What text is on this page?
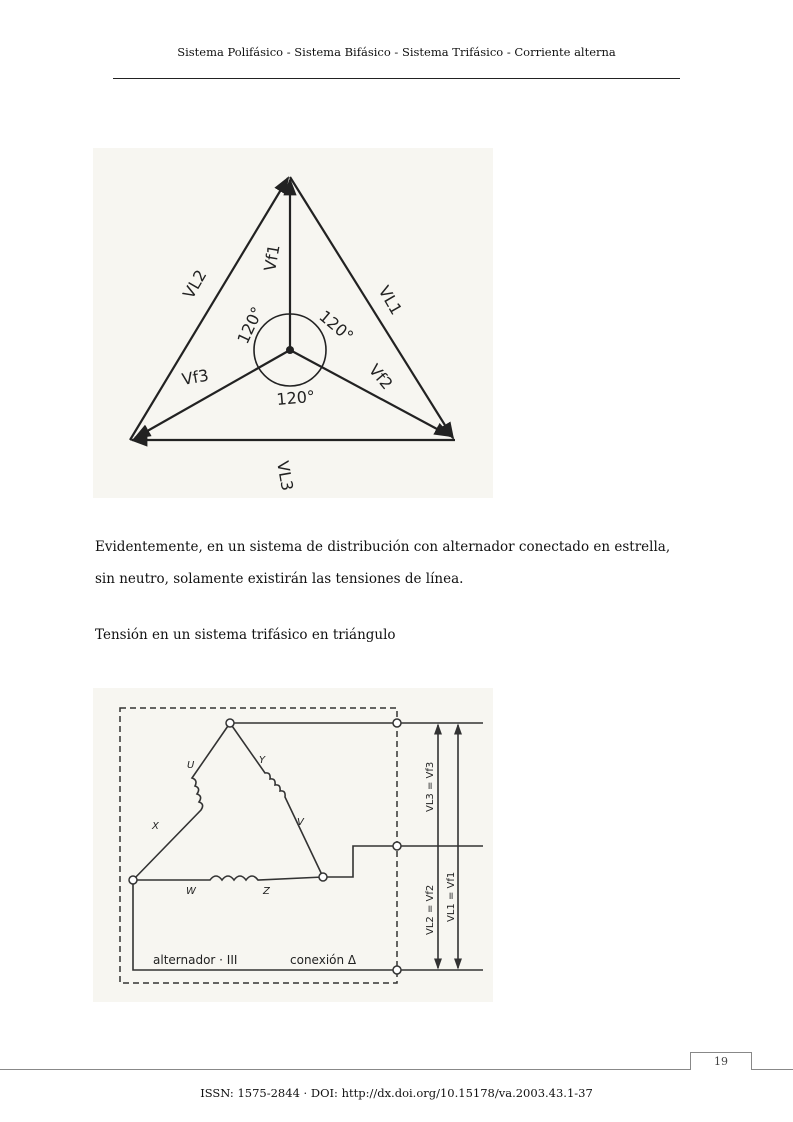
Sistema Polifásico - Sistema Bifásico - Sistema Trifásico - Corriente alterna
Vf1
VL2	VL1
Vf3	Vf2
VL3
120°	120°
120°
Evidentemente, en un sistema de distribución con alternador conectado en estrella,
sin neutro, solamente existirán las tensiones de línea.
Tensión en un sistema trifásico en triángulo
U
X
Y
V
W	Z
alternador · III	conexión Δ
VL3 = Vf3
VL2 = Vf2 VL1 = Vf1
19
ISSN: 1575-2844 · DOI: http://dx.doi.org/10.15178/va.2003.43.1-37
